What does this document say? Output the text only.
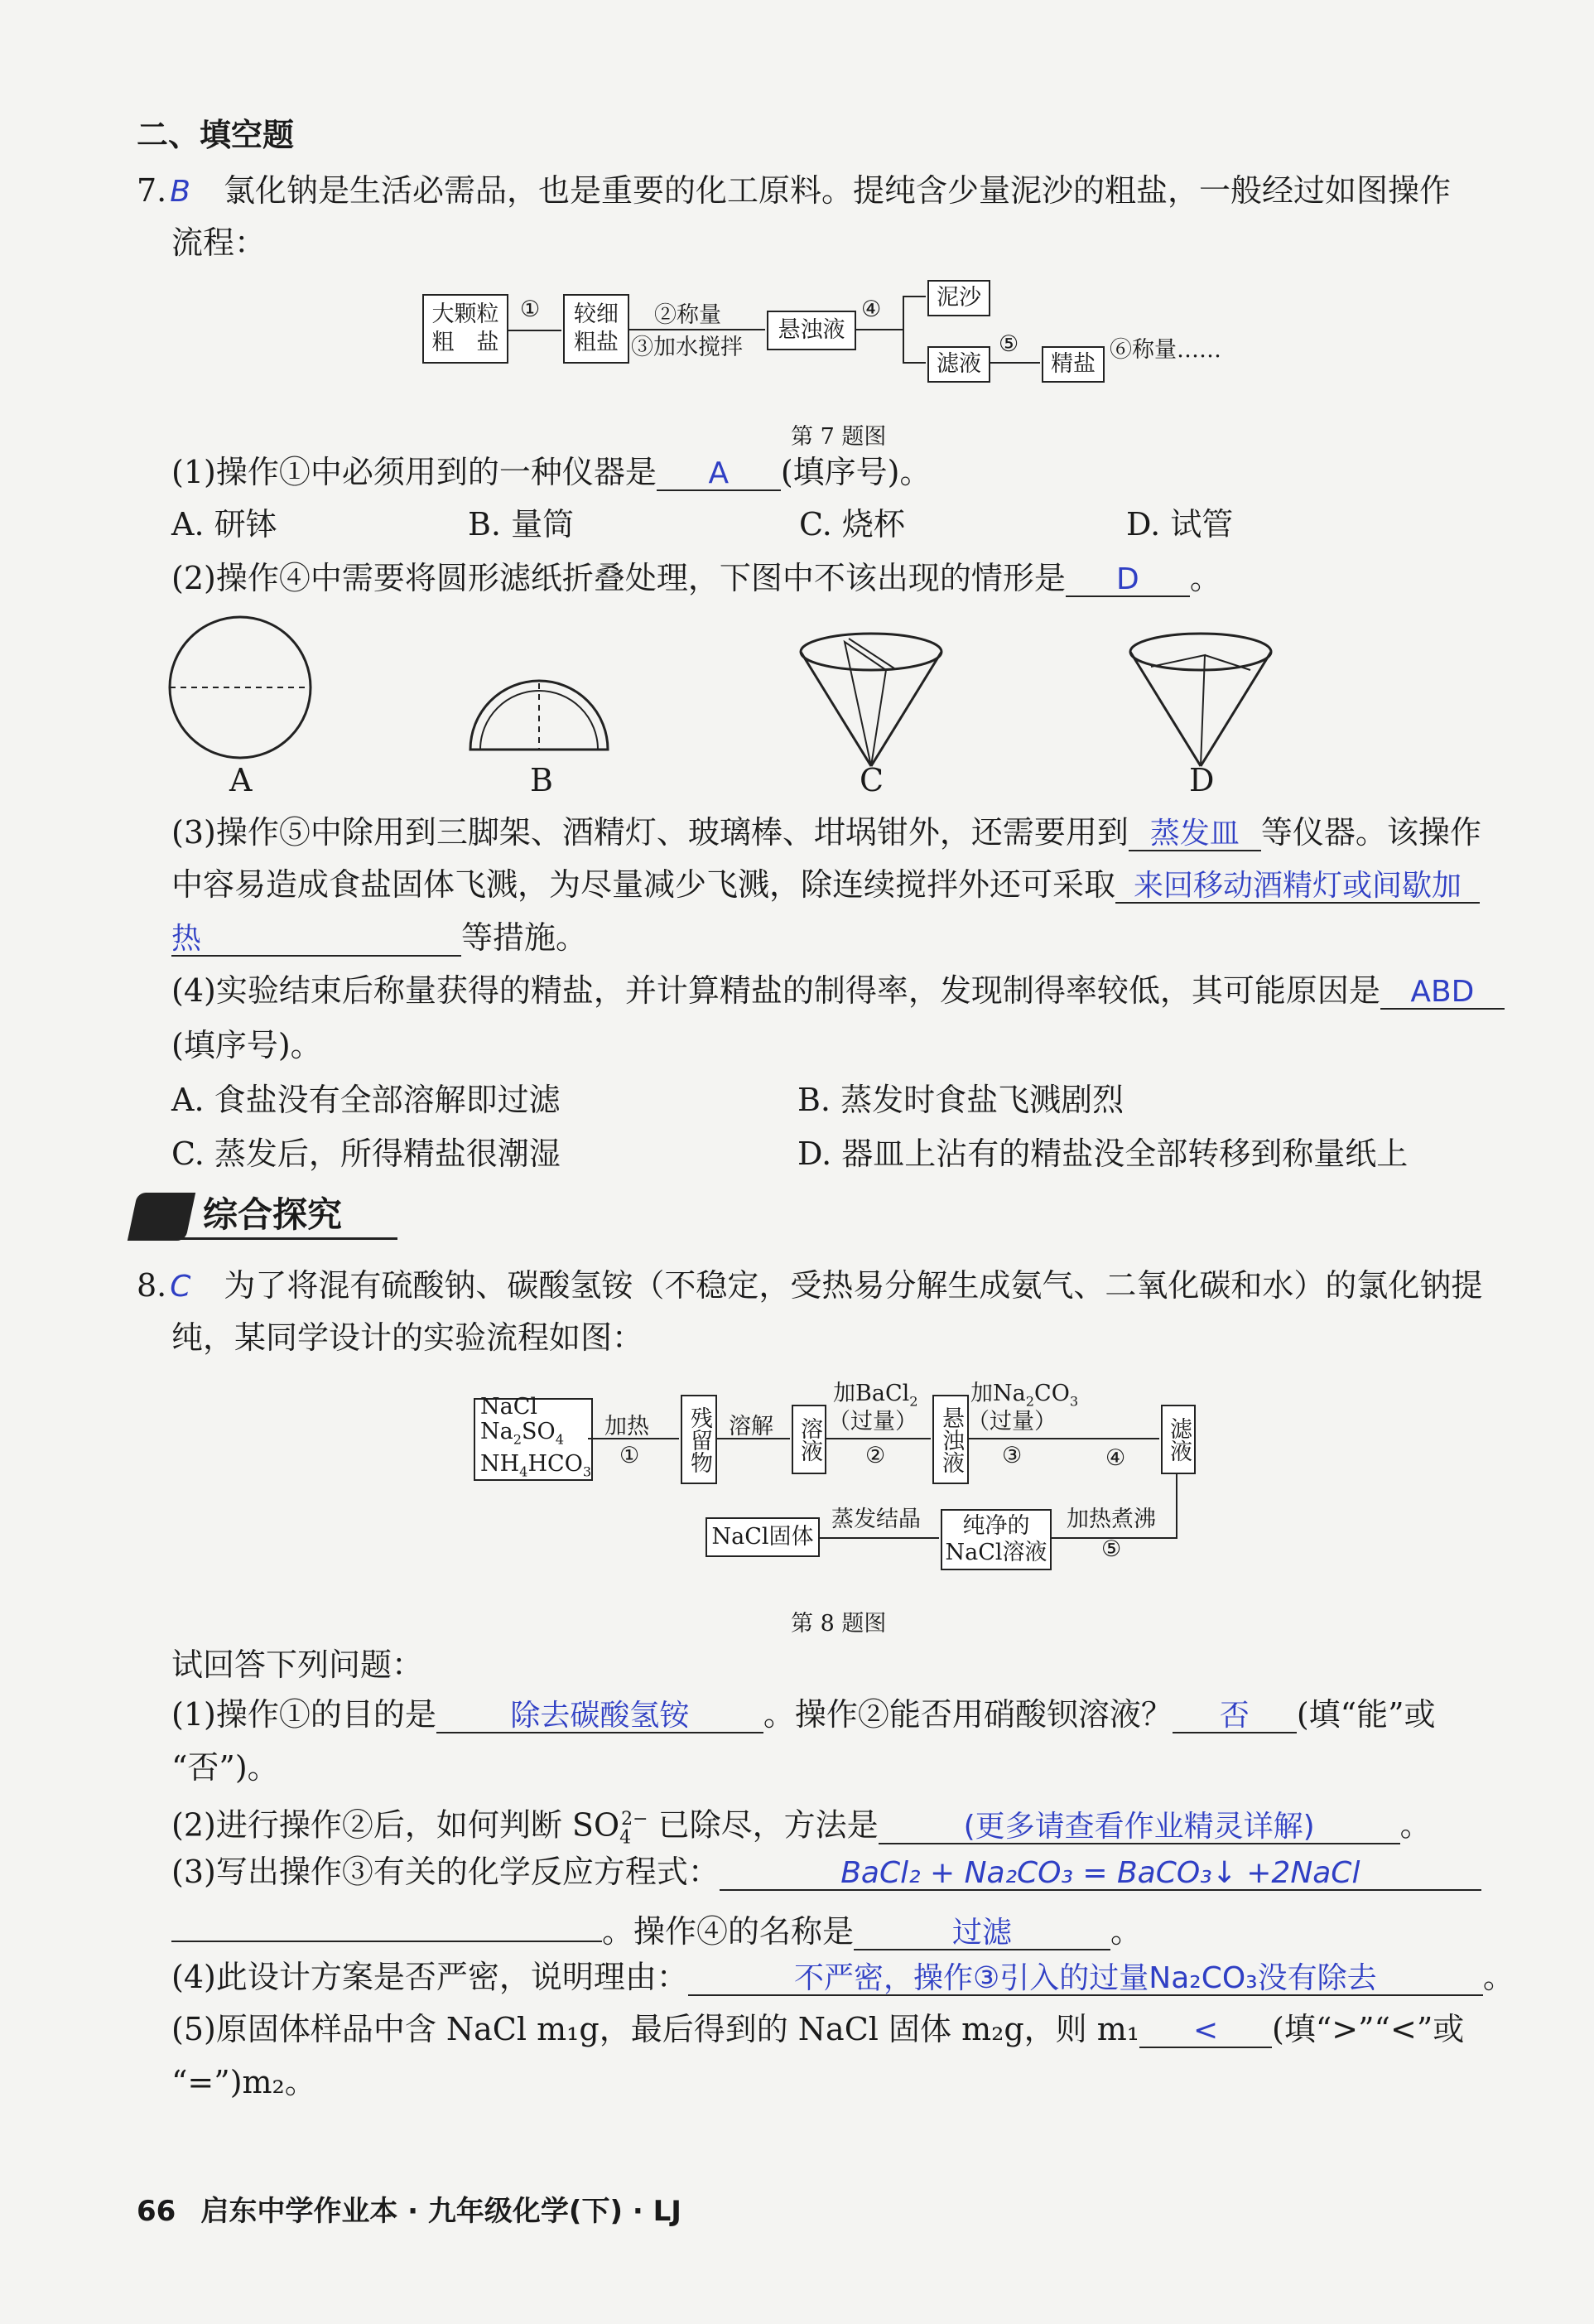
二、填空题
7. B 氯化钠是生活必需品，也是重要的化工原料。提纯含少量泥沙的粗盐，一般经过如图操作
流程：
大颗粒
粗　盐
① 较细
粗盐
②称量
③加水搅拌
悬浊液
④	泥沙
滤液
⑤
精盐
⑥称量……
第 7 题图
(1)操作①中必须用到的一种仪器是 A (填序号)。
A. 研钵	B. 量筒	C. 烧杯	D. 试管
(2)操作④中需要将圆形滤纸折叠处理，下图中不该出现的情形是 D 。
A	B	C	D
(3)操作⑤中除用到三脚架、酒精灯、玻璃棒、坩埚钳外，还需要用到 蒸发皿 等仪器。该操作
中容易造成食盐固体飞溅，为尽量减少飞溅，除连续搅拌外还可采取 来回移动酒精灯或间歇加
热	等措施。
(4)实验结束后称量获得的精盐，并计算精盐的制得率，发现制得率较低，其可能原因是 ABD
(填序号)。
A. 食盐没有全部溶解即过滤	B. 蒸发时食盐飞溅剧烈
C. 蒸发后，所得精盐很潮湿	D. 器皿上沾有的精盐没全部转移到称量纸上
综合探究
8. C 为了将混有硫酸钠、碳酸氢铵（不稳定，受热易分解生成氨气、二氧化碳和水）的氯化钠提
纯，某同学设计的实验流程如图：
NaCl
$Na_2SO_4$
$NH_4HCO_3$
加热
① 残留物 溶解 溶液
加BaCl$_2$
（过量）
② 悬浊液
加$Na_2CO_3$
（过量）
③	④ 滤液
加热煮沸
⑤
纯净的
NaCl溶液
蒸发结晶
NaCl固体
第 8 题图
试回答下列问题：
(1)操作①的目的是 除去碳酸氢铵 。操作②能否用硝酸钡溶液？ 否 (填“能”或
“否”)。
(2)进行操作②后，如何判断 $SO_4^{2-}$ 已除尽，方法是	(更多请查看作业精灵详解)	。
(3)写出操作③有关的化学反应方程式：	BaCl₂ + Na₂CO₃ = BaCO₃↓ +2NaCl
。操作④的名称是	过滤	。
(4)此设计方案是否严密，说明理由：	不严密，操作③引入的过量Na₂CO₃没有除去	。
(5)原固体样品中含 NaCl m₁g，最后得到的 NaCl 固体 m₂g，则 m₁ < (填“>”“<”或
“=”)m₂。
66 启东中学作业本 · 九年级化学(下) · LJ
